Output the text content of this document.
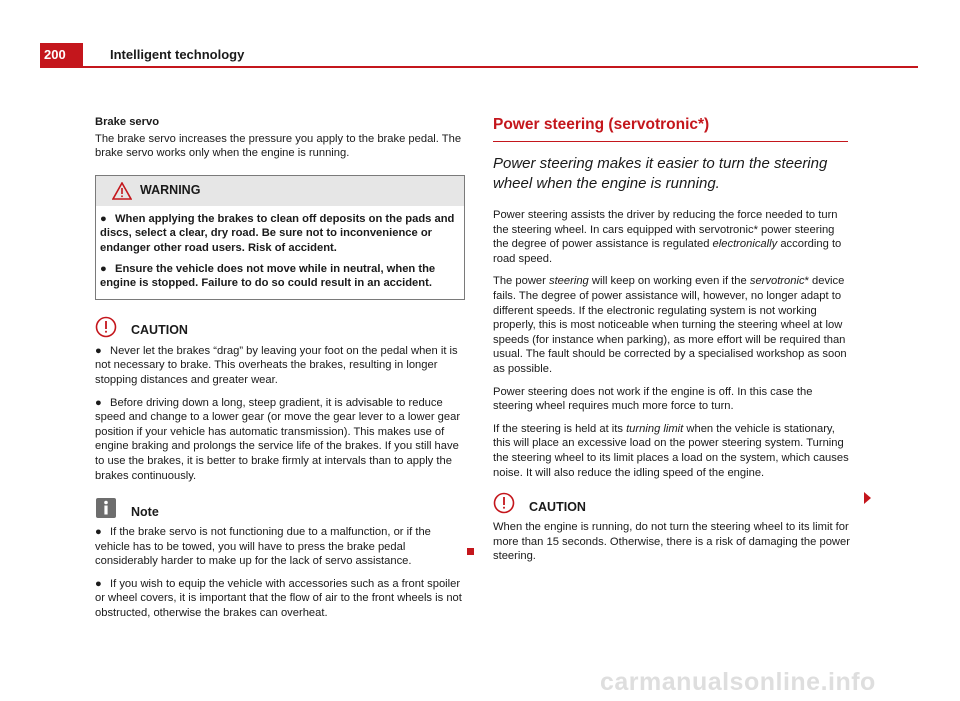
200	Intelligent technology

Brake servo

The brake servo increases the pressure you apply to the brake pedal. The brake servo works only when the engine is running.

WARNING

● When applying the brakes to clean off deposits on the pads and discs, select a clear, dry road. Be sure not to inconvenience or endanger other road users. Risk of accident.

● Ensure the vehicle does not move while in neutral, when the engine is stopped. Failure to do so could result in an accident.

CAUTION

● Never let the brakes “drag” by leaving your foot on the pedal when it is not necessary to brake. This overheats the brakes, resulting in longer stopping distances and greater wear.

● Before driving down a long, steep gradient, it is advisable to reduce speed and change to a lower gear (or move the gear lever to a lower gear position if your vehicle has automatic transmission). This makes use of engine braking and prolongs the service life of the brakes. If you still have to use the brakes, it is better to brake firmly at intervals than to apply the brakes continuously.

Note

● If the brake servo is not functioning due to a malfunction, or if the vehicle has to be towed, you will have to press the brake pedal considerably harder to make up for the lack of servo assistance.

● If you wish to equip the vehicle with accessories such as a front spoiler or wheel covers, it is important that the flow of air to the front wheels is not obstructed, otherwise the brakes can overheat.

Power steering (servotronic*)
Power steering makes it easier to turn the steering wheel when the engine is running.

Power steering assists the driver by reducing the force needed to turn the steering wheel. In cars equipped with servotronic* power steering the degree of power assistance is regulated electronically according to road speed.

The power steering will keep on working even if the servotronic* device fails. The degree of power assistance will, however, no longer adapt to different speeds. If the electronic regulating system is not working properly, this is most noticeable when turning the steering wheel at low speeds (for instance when parking), as more effort will be required than usual. The fault should be corrected by a specialised workshop as soon as possible.

Power steering does not work if the engine is off. In this case the steering wheel requires much more force to turn.

If the steering is held at its turning limit when the vehicle is stationary, this will place an excessive load on the power steering system. Turning the steering wheel to its limit places a load on the system, which causes noise. It will also reduce the idling speed of the engine.

CAUTION

When the engine is running, do not turn the steering wheel to its limit for more than 15 seconds. Otherwise, there is a risk of damaging the power steering.

carmanualsonline.info
